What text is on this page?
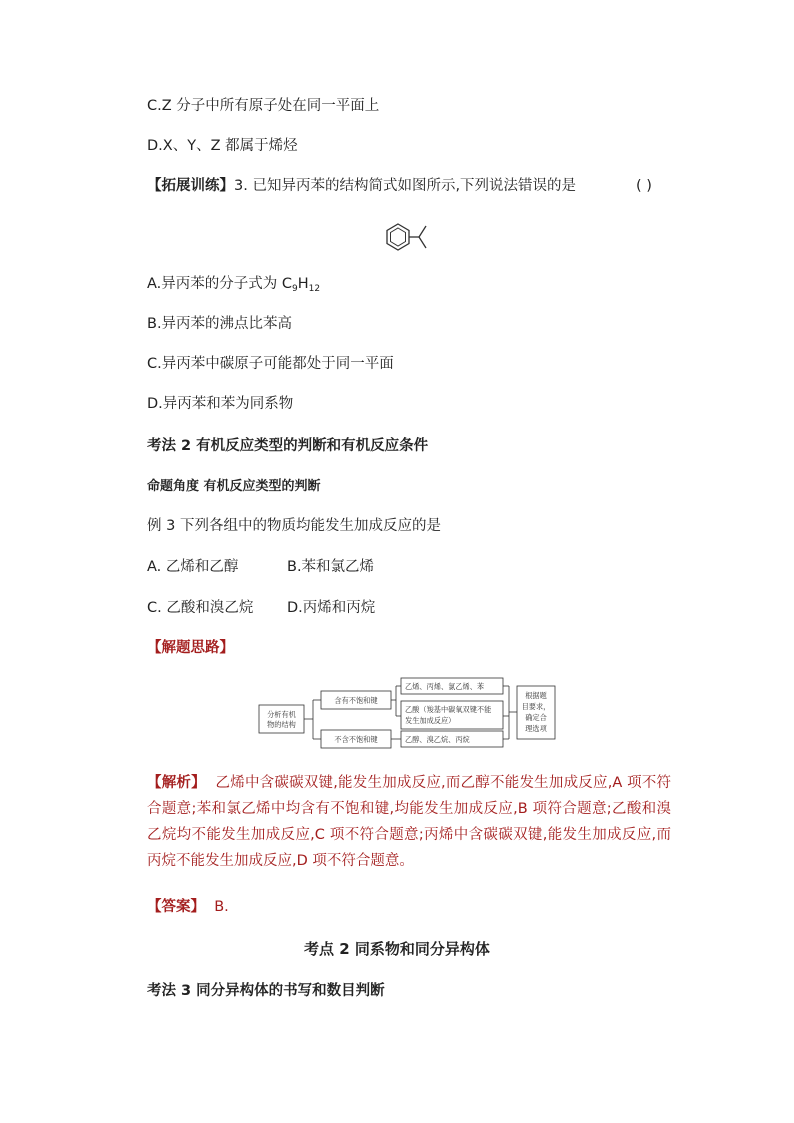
C.Z 分子中所有原子处在同一平面上
D.X、Y、Z 都属于烯烃
【拓展训练】3. 已知异丙苯的结构简式如图所示,下列说法错误的是	( )
A.异丙苯的分子式为 $C_9H_{12}$
B.异丙苯的沸点比苯高
C.异丙苯中碳原子可能都处于同一平面
D.异丙苯和苯为同系物
考法 2 有机反应类型的判断和有机反应条件
命题角度 有机反应类型的判断
例 3 下列各组中的物质均能发生加成反应的是
A. 乙烯和乙醇	B.苯和氯乙烯
C. 乙酸和溴乙烷 D.丙烯和丙烷
【解题思路】
分析有机
物的结构
含有不饱和键
不含不饱和键
乙烯、丙烯、氯乙烯、苯
乙酸（羧基中碳氧双键不能
发生加成反应）
乙醇、溴乙烷、丙烷
根据题
目要求，
确定合
理选项
【解析】 乙烯中含碳碳双键,能发生加成反应,而乙醇不能发生加成反应,A 项不符合题意;苯和氯乙烯中均含有不饱和键,均能发生加成反应,B 项符合题意;乙酸和溴乙烷均不能发生加成反应,C 项不符合题意;丙烯中含碳碳双键,能发生加成反应,而丙烷不能发生加成反应,D 项不符合题意。
【答案】 B.
考点 2 同系物和同分异构体
考法 3 同分异构体的书写和数目判断
